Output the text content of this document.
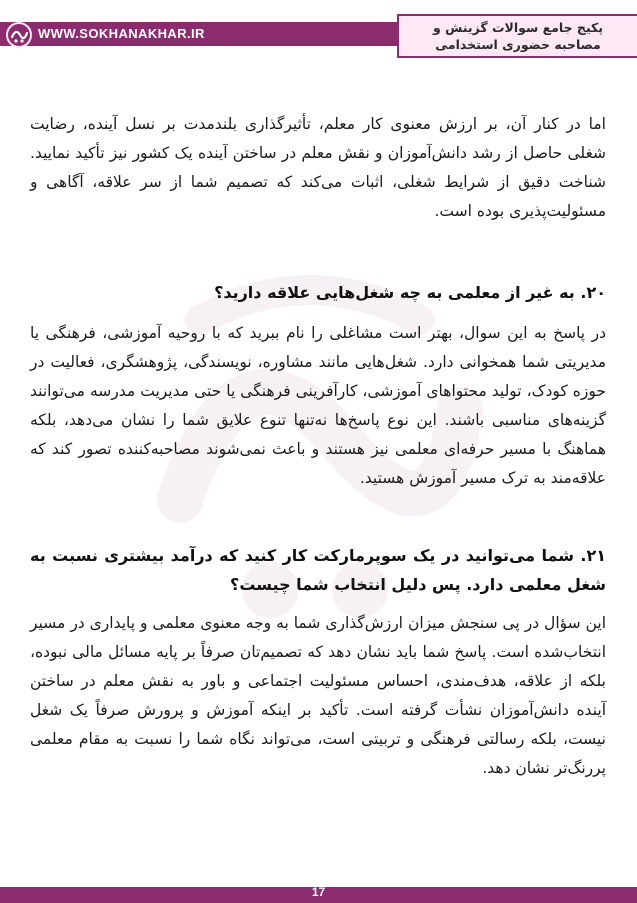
WWW.SOKHANAKHAR.IR	پکیج جامع سوالات گزینش و
مصاحبه حضوری استخدامی

اما در کنار آن، بر ارزش معنوی کار معلم، تأثیرگذاری بلندمدت بر نسل آینده، رضایت شغلی حاصل از رشد دانش‌آموزان و نقش معلم در ساختن آینده یک کشور نیز تأکید نمایید. شناخت دقیق از شرایط شغلی، اثبات می‌کند که تصمیم شما از سر علاقه، آگاهی و مسئولیت‌پذیری بوده است.

۲۰. به غیر از معلمی به چه شغل‌هایی علاقه دارید؟

در پاسخ به این سوال، بهتر است مشاغلی را نام ببرید که با روحیه آموزشی، فرهنگی یا مدیریتی شما همخوانی دارد. شغل‌هایی مانند مشاوره، نویسندگی، پژوهشگری، فعالیت در حوزه کودک، تولید محتواهای آموزشی، کارآفرینی فرهنگی یا حتی مدیریت مدرسه می‌توانند گزینه‌های مناسبی باشند. این نوع پاسخ‌ها نه‌تنها تنوع علایق شما را نشان می‌دهد، بلکه هماهنگ با مسیر حرفه‌ای معلمی نیز هستند و باعث نمی‌شوند مصاحبه‌کننده تصور کند که علاقه‌مند به ترک مسیر آموزش هستید.

۲۱. شما می‌توانید در یک سوپرمارکت کار کنید که درآمد بیشتری نسبت به شغل معلمی دارد. پس دلیل انتخاب شما چیست؟

این سؤال در پی سنجش میزان ارزش‌گذاری شما به وجه معنوی معلمی و پایداری در مسیر انتخاب‌شده است. پاسخ شما باید نشان دهد که تصمیم‌تان صرفاً بر پایه مسائل مالی نبوده، بلکه از علاقه، هدف‌مندی، احساس مسئولیت اجتماعی و باور به نقش معلم در ساختن آینده دانش‌آموزان نشأت گرفته است. تأکید بر اینکه آموزش و پرورش صرفاً یک شغل نیست، بلکه رسالتی فرهنگی و تربیتی است، می‌تواند نگاه شما را نسبت به مقام معلمی پررنگ‌تر نشان دهد.

17
